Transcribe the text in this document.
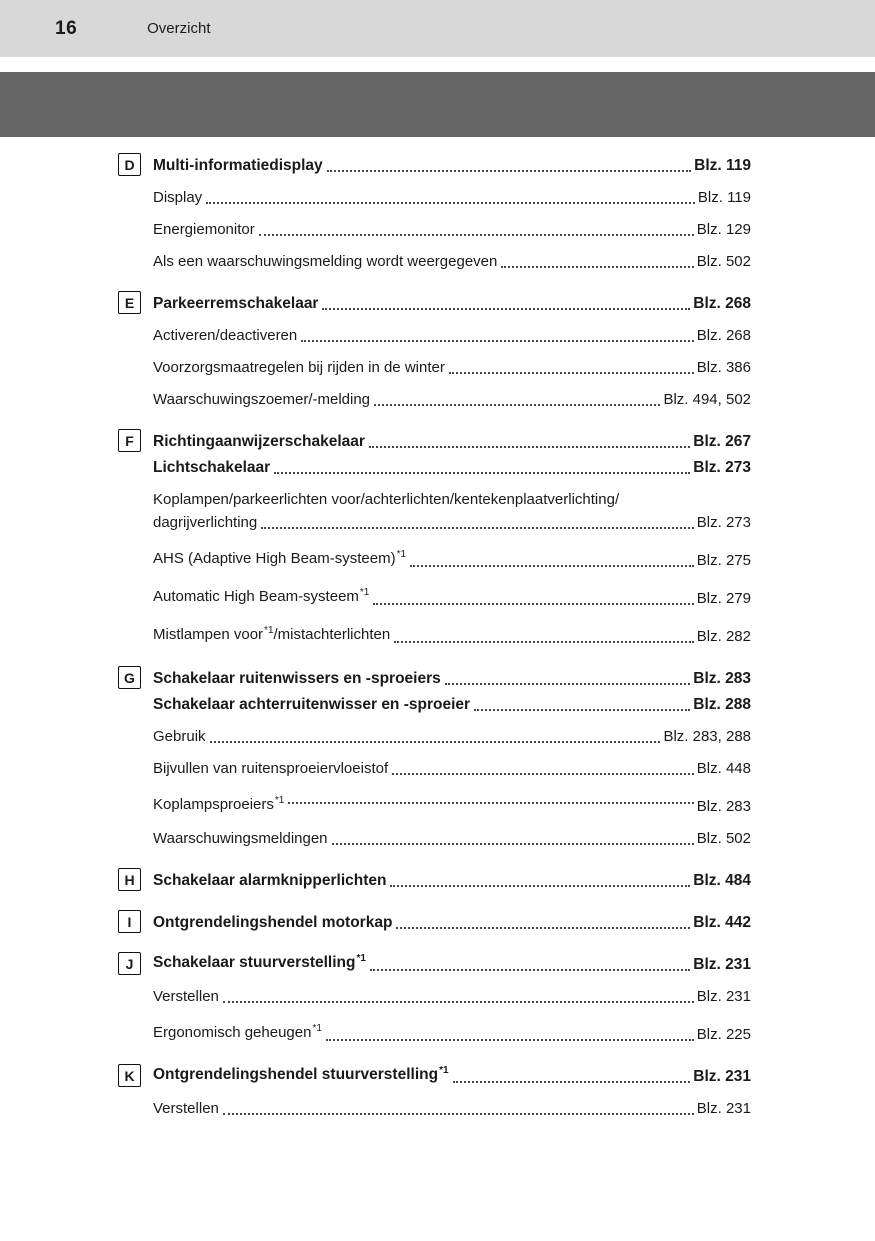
16	Overzicht
D	Multi-informatiedisplay	Blz. 119
Display	Blz. 119
Energiemonitor	Blz. 129
Als een waarschuwingsmelding wordt weergegeven	Blz. 502
E	Parkeerremschakelaar	Blz. 268
Activeren/deactiveren	Blz. 268
Voorzorgsmaatregelen bij rijden in de winter	Blz. 386
Waarschuwingszoemer/-melding	Blz. 494, 502
F	Richtingaanwijzerschakelaar	Blz. 267
Lichtschakelaar	Blz. 273
Koplampen/parkeerlichten voor/achterlichten/kentekenplaatverlichting/
dagrijverlichting	Blz. 273
AHS (Adaptive High Beam-systeem)$^{*1}$	Blz. 275
Automatic High Beam-systeem$^{*1}$	Blz. 279
Mistlampen voor$^{*1}$/mistachterlichten	Blz. 282
G	Schakelaar ruitenwissers en -sproeiers	Blz. 283
Schakelaar achterruitenwisser en -sproeier	Blz. 288
Gebruik	Blz. 283, 288
Bijvullen van ruitensproeiervloeistof	Blz. 448
Koplampsproeiers$^{*1}$	Blz. 283
Waarschuwingsmeldingen	Blz. 502
H	Schakelaar alarmknipperlichten	Blz. 484
I	Ontgrendelingshendel motorkap	Blz. 442
J	Schakelaar stuurverstelling$^{*1}$	Blz. 231
Verstellen	Blz. 231
Ergonomisch geheugen$^{*1}$	Blz. 225
K	Ontgrendelingshendel stuurverstelling$^{*1}$	Blz. 231
Verstellen	Blz. 231
